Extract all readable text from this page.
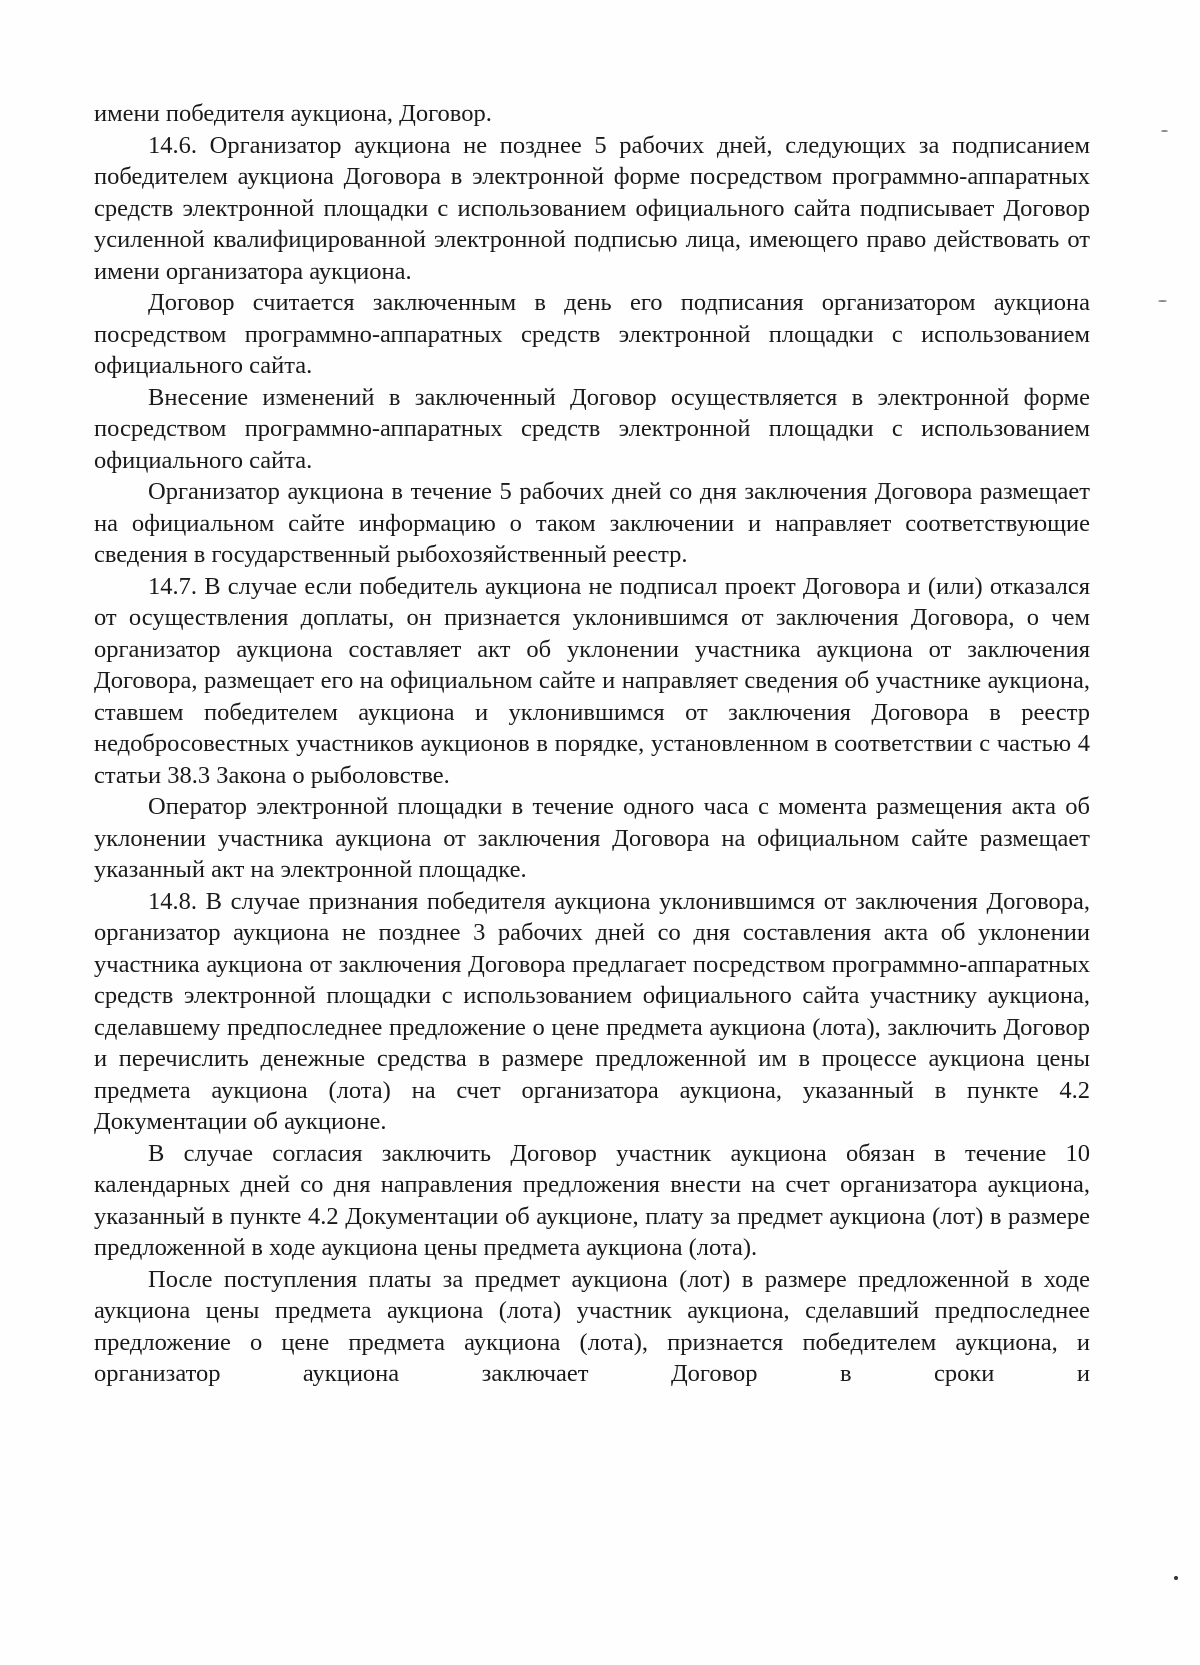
имени победителя аукциона, Договор.

14.6. Организатор аукциона не позднее 5 рабочих дней, следующих за подписанием победителем аукциона Договора в электронной форме посредством программно-аппаратных средств электронной площадки с использованием официального сайта подписывает Договор усиленной квалифицированной электронной подписью лица, имеющего право действовать от имени организатора аукциона.

Договор считается заключенным в день его подписания организатором аукциона посредством программно-аппаратных средств электронной площадки с использованием официального сайта.

Внесение изменений в заключенный Договор осуществляется в электронной форме посредством программно-аппаратных средств электронной площадки с использованием официального сайта.

Организатор аукциона в течение 5 рабочих дней со дня заключения Договора размещает на официальном сайте информацию о таком заключении и направляет соответствующие сведения в государственный рыбохозяйственный реестр.

14.7. В случае если победитель аукциона не подписал проект Договора и (или) отказался от осуществления доплаты, он признается уклонившимся от заключения Договора, о чем организатор аукциона составляет акт об уклонении участника аукциона от заключения Договора, размещает его на официальном сайте и направляет сведения об участнике аукциона, ставшем победителем аукциона и уклонившимся от заключения Договора в реестр недобросовестных участников аукционов в порядке, установленном в соответствии с частью 4 статьи 38.3 Закона о рыболовстве.

Оператор электронной площадки в течение одного часа с момента размещения акта об уклонении участника аукциона от заключения Договора на официальном сайте размещает указанный акт на электронной площадке.

14.8. В случае признания победителя аукциона уклонившимся от заключения Договора, организатор аукциона не позднее 3 рабочих дней со дня составления акта об уклонении участника аукциона от заключения Договора предлагает посредством программно-аппаратных средств электронной площадки с использованием официального сайта участнику аукциона, сделавшему предпоследнее предложение о цене предмета аукциона (лота), заключить Договор и перечислить денежные средства в размере предложенной им в процессе аукциона цены предмета аукциона (лота) на счет организатора аукциона, указанный в пункте 4.2 Документации об аукционе.

В случае согласия заключить Договор участник аукциона обязан в течение 10 календарных дней со дня направления предложения внести на счет организатора аукциона, указанный в пункте 4.2 Документации об аукционе, плату за предмет аукциона (лот) в размере предложенной в ходе аукциона цены предмета аукциона (лота).

После поступления платы за предмет аукциона (лот) в размере предложенной в ходе аукциона цены предмета аукциона (лота) участник аукциона, сделавший предпоследнее предложение о цене предмета аукциона (лота), признается победителем аукциона, и организатор аукциона заключает Договор в сроки и
